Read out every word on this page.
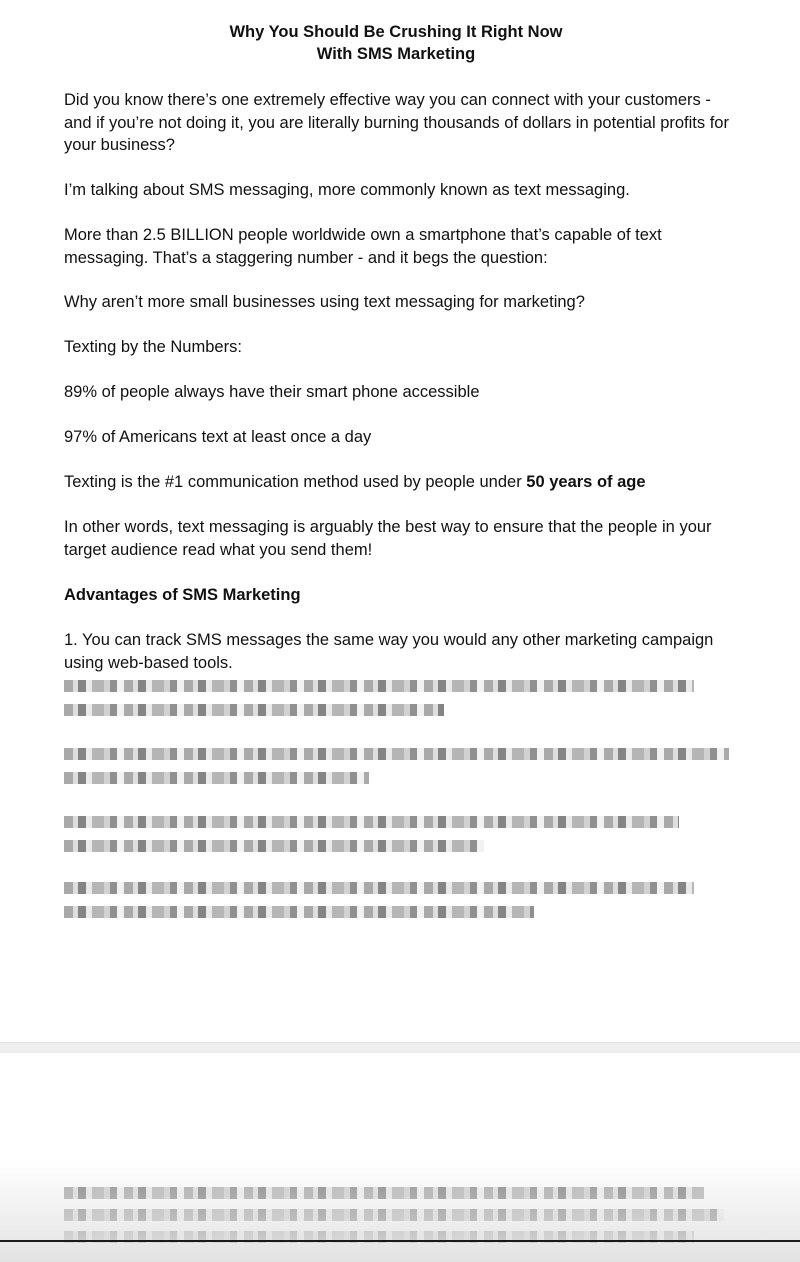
Why You Should Be Crushing It Right Now
With SMS Marketing

Did you know there’s one extremely effective way you can connect with your customers - and if you’re not doing it, you are literally burning thousands of dollars in potential profits for your business?

I’m talking about SMS messaging, more commonly known as text messaging.

More than 2.5 BILLION people worldwide own a smartphone that’s capable of text messaging. That’s a staggering number - and it begs the question:

Why aren’t more small businesses using text messaging for marketing?

Texting by the Numbers:

89% of people always have their smart phone accessible

97% of Americans text at least once a day

Texting is the #1 communication method used by people under 50 years of age

In other words, text messaging is arguably the best way to ensure that the people in your target audience read what you send them!

Advantages of SMS Marketing

1. You can track SMS messages the same way you would any other marketing campaign using web-based tools.
